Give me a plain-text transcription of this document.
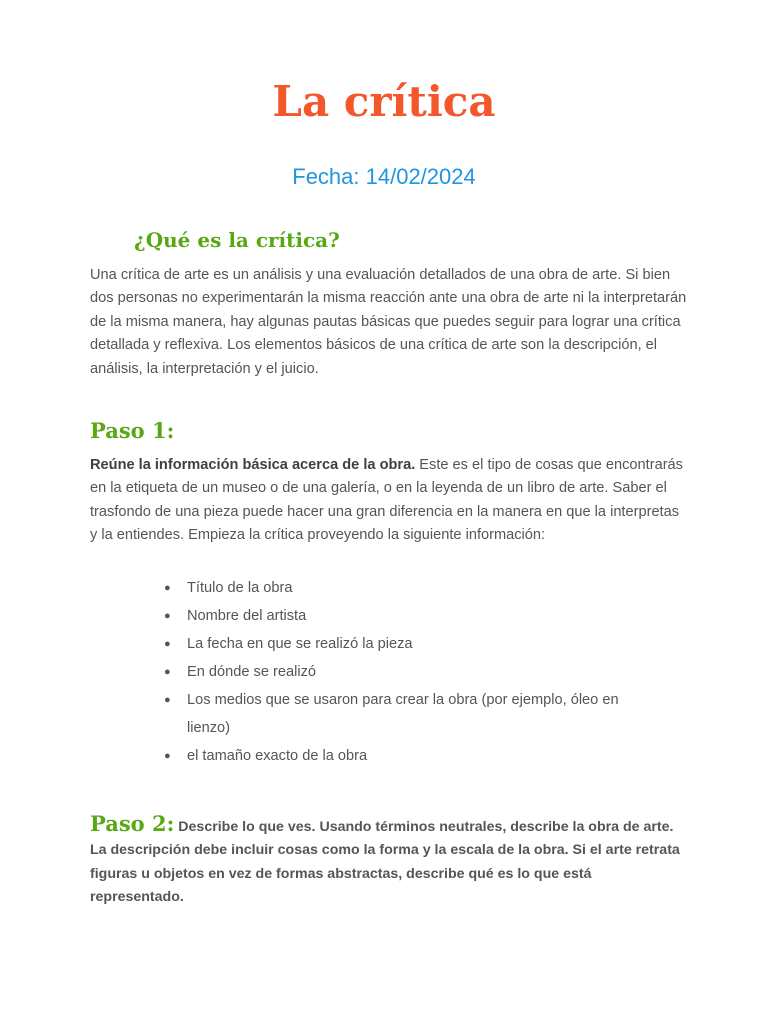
La crítica

Fecha: 14/02/2024

¿Qué es la crítica?

Una crítica de arte es un análisis y una evaluación detallados de una obra de arte. Si bien dos personas no experimentarán la misma reacción ante una obra de arte ni la interpretarán de la misma manera, hay algunas pautas básicas que puedes seguir para lograr una crítica detallada y reflexiva. Los elementos básicos de una crítica de arte son la descripción, el análisis, la interpretación y el juicio.

Paso 1:

Reúne la información básica acerca de la obra. Este es el tipo de cosas que encontrarás en la etiqueta de un museo o de una galería, o en la leyenda de un libro de arte. Saber el trasfondo de una pieza puede hacer una gran diferencia en la manera en que la interpretas y la entiendes. Empieza la crítica proveyendo la siguiente información:

● Título de la obra
● Nombre del artista
● La fecha en que se realizó la pieza
● En dónde se realizó
● Los medios que se usaron para crear la obra (por ejemplo, óleo en lienzo)
● el tamaño exacto de la obra

Paso 2: Describe lo que ves. Usando términos neutrales, describe la obra de arte. La descripción debe incluir cosas como la forma y la escala de la obra. Si el arte retrata figuras u objetos en vez de formas abstractas, describe qué es lo que está representado.
